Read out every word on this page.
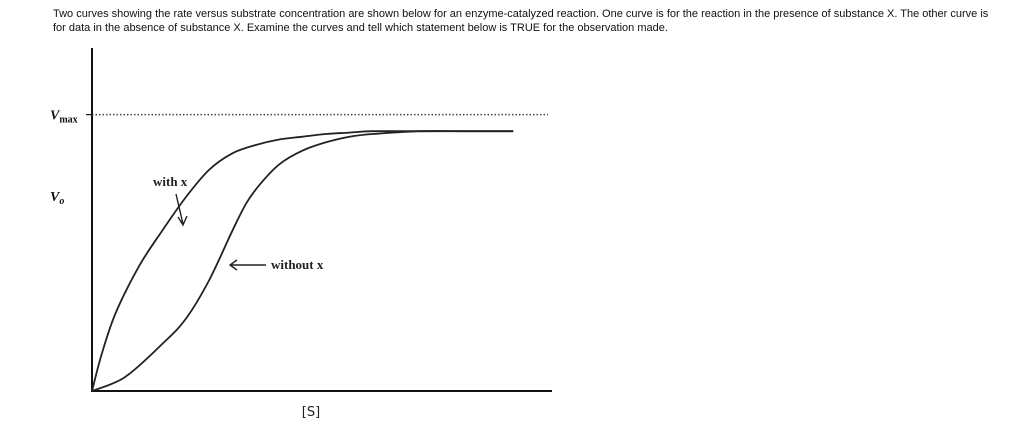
Two curves showing the rate versus substrate concentration are shown below for an enzyme-catalyzed reaction. One curve is for the reaction in the presence of substance X. The other curve is for data in the absence of substance X. Examine the curves and tell which statement below is TRUE for the observation made.

$V_{max}$
$V_o$
[S]
with x
without x
